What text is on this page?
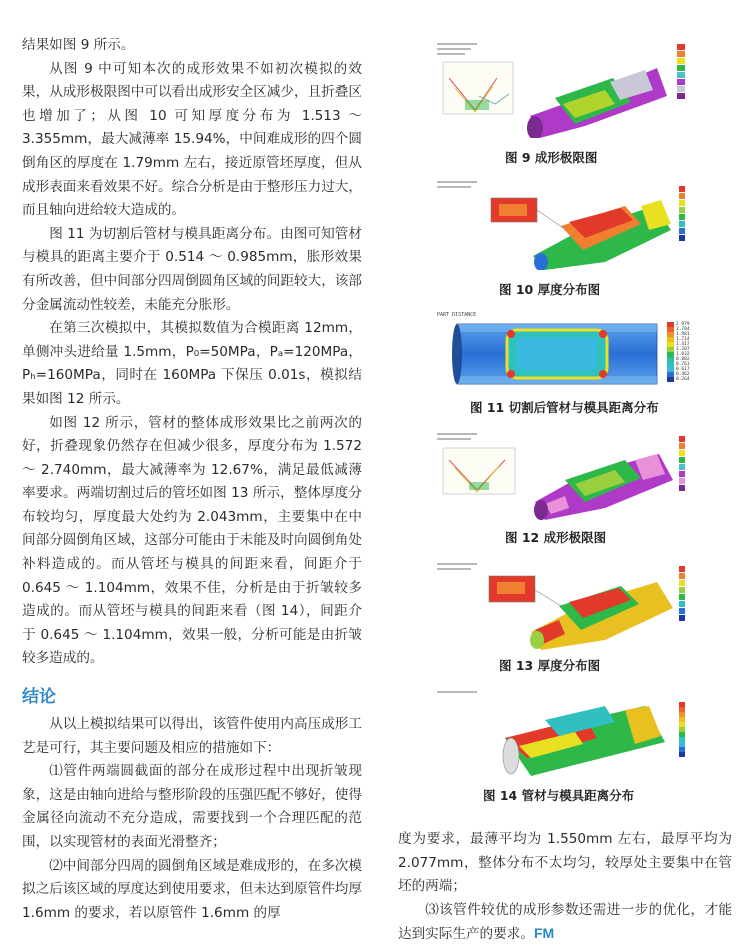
结果如图 9 所示。

从图 9 中可知本次的成形效果不如初次模拟的效果，从成形极限图中可以看出成形安全区减少，且折叠区也增加了；从图 10 可知厚度分布为 1.513 ～ 3.355mm，最大减薄率 15.94%，中间难成形的四个圆倒角区的厚度在 1.79mm 左右，接近原管坯厚度，但从成形表面来看效果不好。综合分析是由于整形压力过大，而且轴向进给较大造成的。

图 11 为切割后管材与模具距离分布。由图可知管材与模具的距离主要介于 0.514 ～ 0.985mm，胀形效果有所改善，但中间部分四周倒圆角区域的间距较大，该部分金属流动性较差，未能充分胀形。

在第三次模拟中，其模拟数值为合模距离 12mm，单侧冲头进给量 1.5mm，P₀=50MPa，Pₐ=120MPa，Pₕ=160MPa，同时在 160MPa 下保压 0.01s，模拟结果如图 12 所示。

如图 12 所示，管材的整体成形效果比之前两次的好，折叠现象仍然存在但减少很多，厚度分布为 1.572 ～ 2.740mm，最大减薄率为 12.67%，满足最低减薄率要求。两端切割过后的管坯如图 13 所示，整体厚度分布较均匀，厚度最大处约为 2.043mm，主要集中在中间部分圆倒角区域，这部分可能由于未能及时向圆倒角处补料造成的。而从管坯与模具的间距来看，间距介于 0.645 ～ 1.104mm，效果不佳，分析是由于折皱较多造成的。而从管坯与模具的间距来看（图 14），间距介于 0.645 ～ 1.104mm，效果一般，分析可能是由折皱较多造成的。

结论

从以上模拟结果可以得出，该管件使用内高压成形工艺是可行，其主要问题及相应的措施如下：

⑴管件两端圆截面的部分在成形过程中出现折皱现象，这是由轴向进给与整形阶段的压强匹配不够好，使得金属径向流动不充分造成，需要找到一个合理匹配的范围，以实现管材的表面光滑整齐；

⑵中间部分四周的圆倒角区域是难成形的，在多次模拟之后该区域的厚度达到使用要求，但未达到原管件均厚 1.6mm 的要求，若以原管件 1.6mm 的厚

图 9 成形极限图
图 10 厚度分布图
PART DISTANCE
2.979
2.704
1.981
1.714
1.417
1.207
1.032
0.882
0.761
0.617
0.462
0.264
图 11 切割后管材与模具距离分布
图 12 成形极限图
图 13 厚度分布图
图 14 管材与模具距离分布

度为要求，最薄平均为 1.550mm 左右，最厚平均为 2.077mm，整体分布不太均匀，较厚处主要集中在管坯的两端；

⑶该管件较优的成形参数还需进一步的优化，才能达到实际生产的要求。FM
